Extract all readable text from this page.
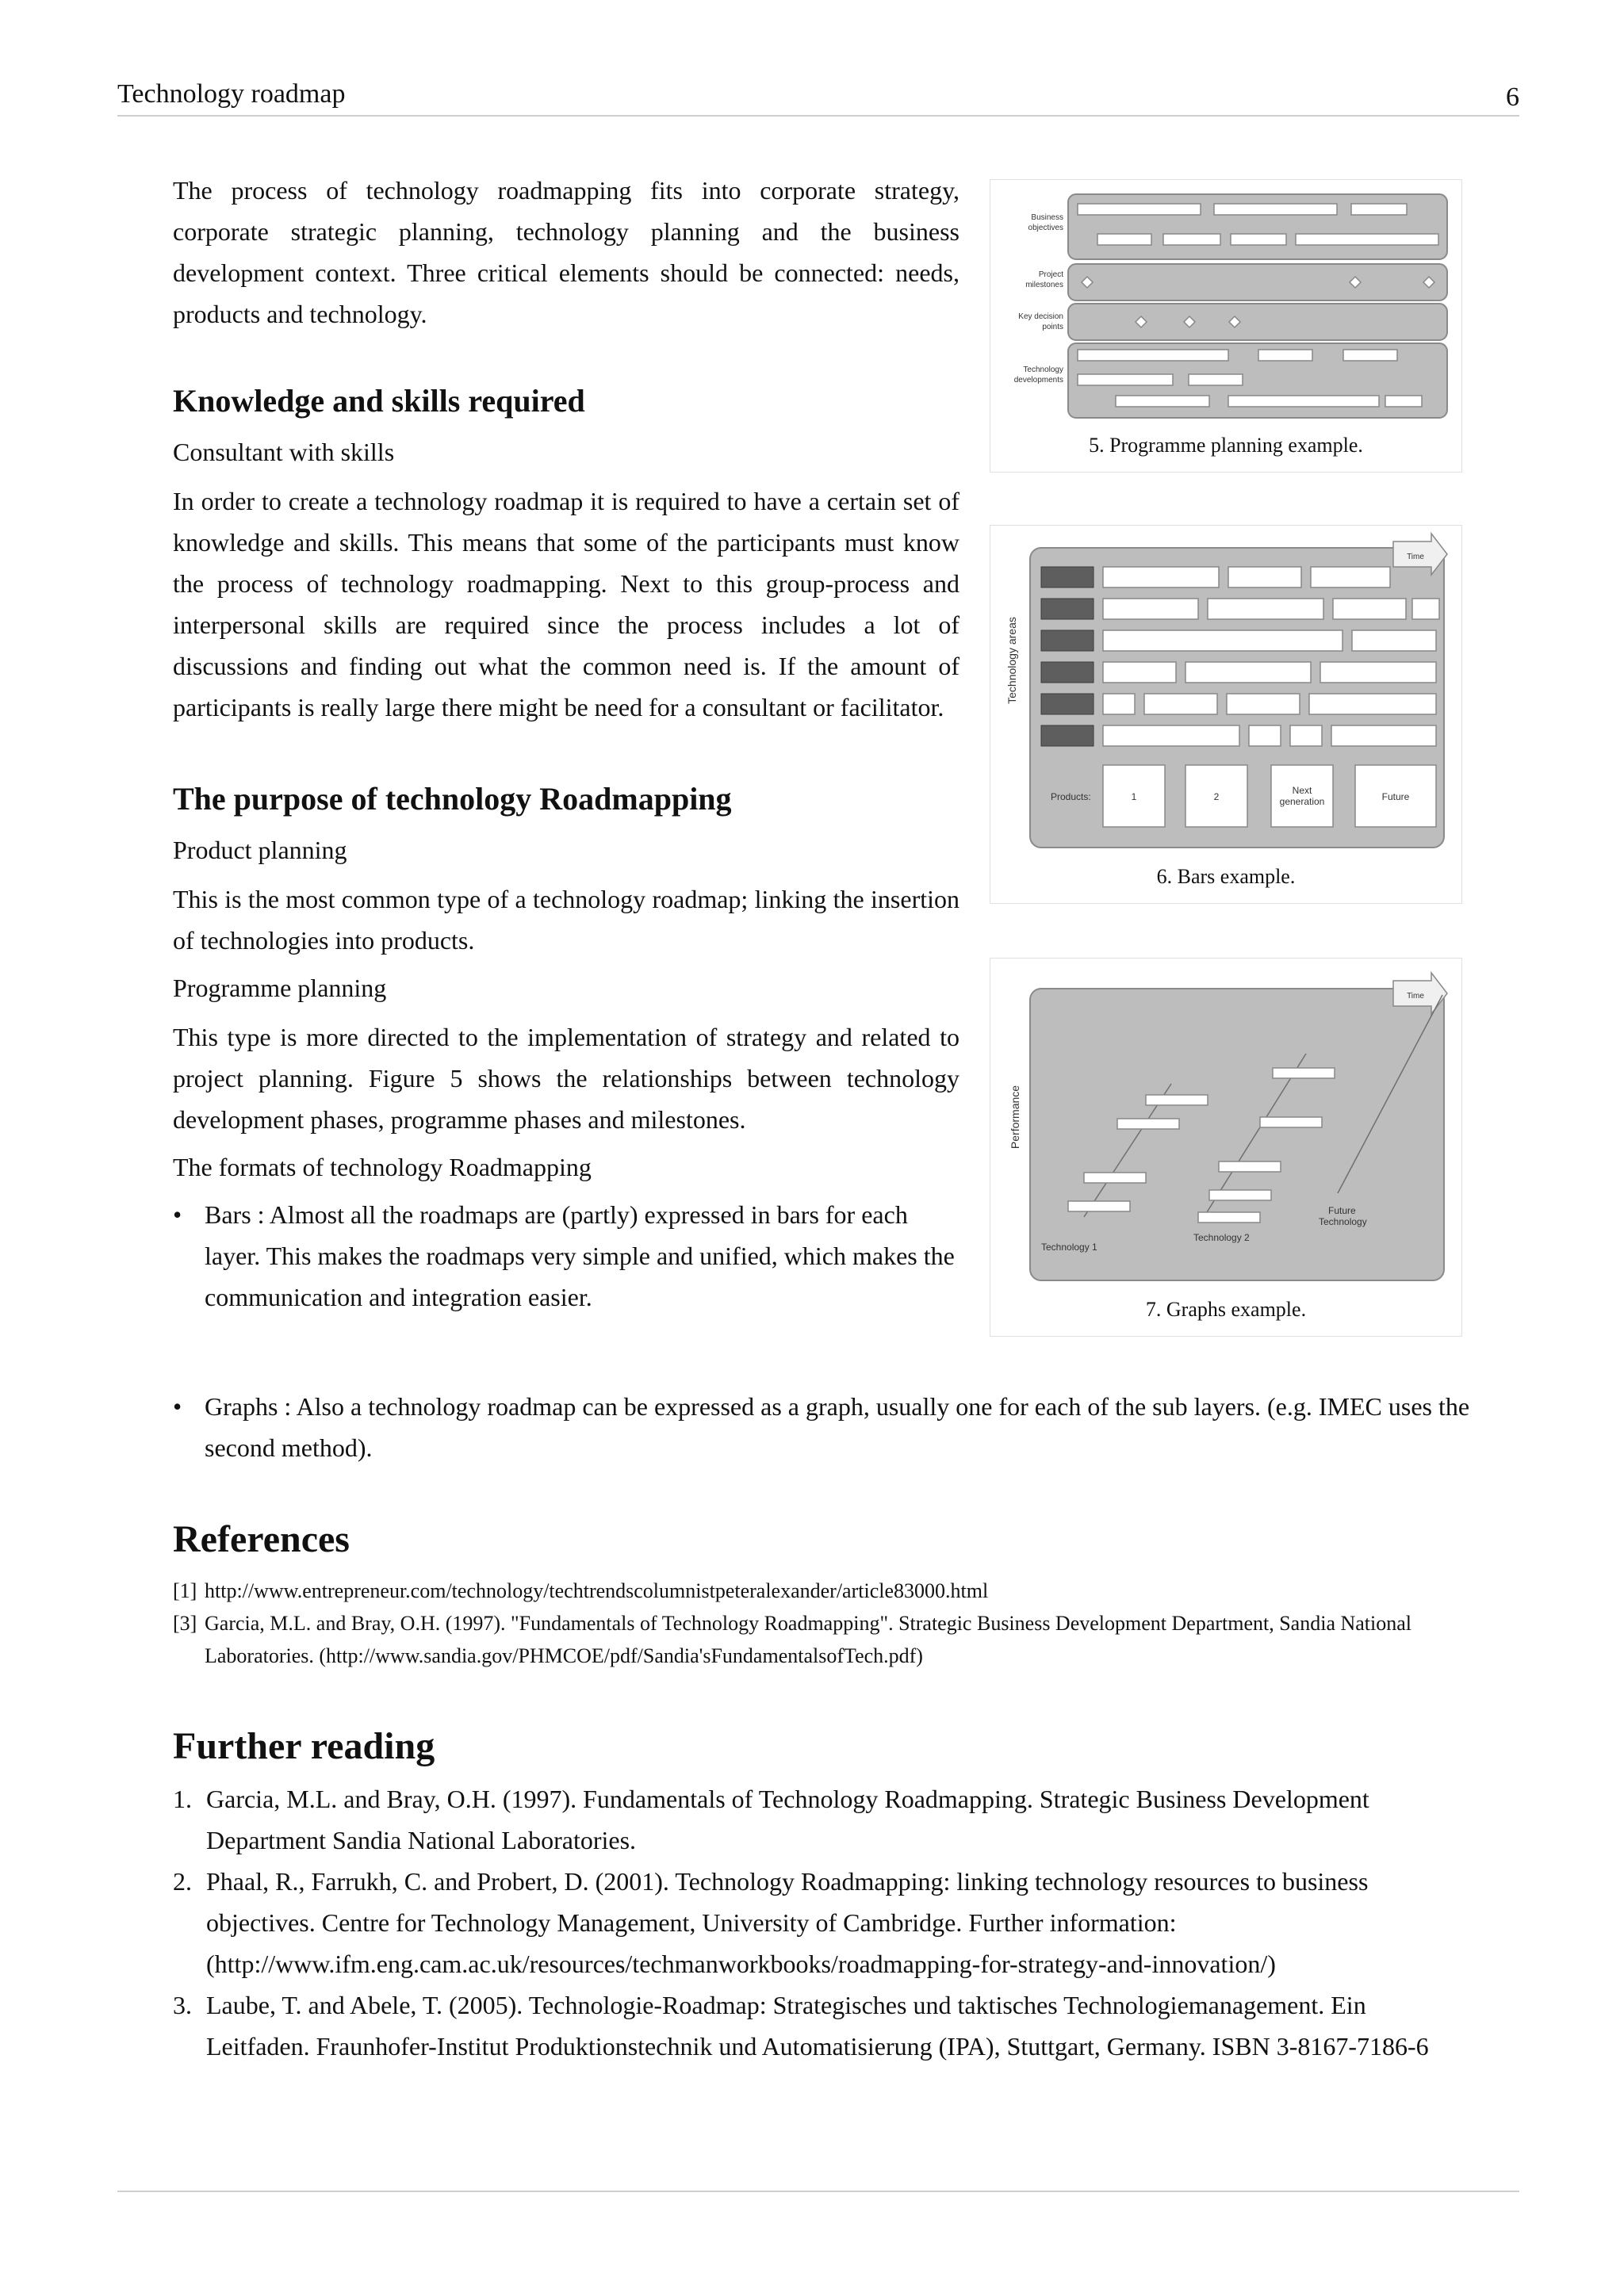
Technology roadmap	6

The process of technology roadmapping fits into corporate strategy, corporate strategic planning, technology planning and the business development context. Three critical elements should be connected: needs, products and technology.

Knowledge and skills required
Consultant with skills

In order to create a technology roadmap it is required to have a certain set of knowledge and skills. This means that some of the participants must know the process of technology roadmapping. Next to this group-process and interpersonal skills are required since the process includes a lot of discussions and finding out what the common need is. If the amount of participants is really large there might be need for a consultant or facilitator.

The purpose of technology Roadmapping
Product planning

This is the most common type of a technology roadmap; linking the insertion of technologies into products.

Programme planning

This type is more directed to the implementation of strategy and related to project planning. Figure 5 shows the relationships between technology development phases, programme phases and milestones.

The formats of technology Roadmapping
• Bars : Almost all the roadmaps are (partly) expressed in bars for each layer. This makes the roadmaps very simple and unified, which makes the communication and integration easier.
• Graphs : Also a technology roadmap can be expressed as a graph, usually one for each of the sub layers. (e.g. IMEC uses the second method).
References
[1] http://www.entrepreneur.com/technology/techtrendscolumnistpeteralexander/article83000.html
[3] Garcia, M.L. and Bray, O.H. (1997). "Fundamentals of Technology Roadmapping". Strategic Business Development Department, Sandia National Laboratories. (http://www.sandia.gov/PHMCOE/pdf/Sandia'sFundamentalsofTech.pdf)
Further reading
1. Garcia, M.L. and Bray, O.H. (1997). Fundamentals of Technology Roadmapping. Strategic Business Development Department Sandia National Laboratories.
2. Phaal, R., Farrukh, C. and Probert, D. (2001). Technology Roadmapping: linking technology resources to business objectives. Centre for Technology Management, University of Cambridge. Further information: (http://www.ifm.eng.cam.ac.uk/resources/techmanworkbooks/roadmapping-for-strategy-and-innovation/)
3. Laube, T. and Abele, T. (2005). Technologie-Roadmap: Strategisches und taktisches Technologiemanagement. Ein Leitfaden. Fraunhofer-Institut Produktionstechnik und Automatisierung (IPA), Stuttgart, Germany. ISBN 3-8167-7186-6
Business
objectives
Project
milestones
Key decision
points
Technology
developments
5. Programme planning example.
Time
Technology areas
Products:	1	2
Next
generation	Future
6. Bars example.
Time
Performance
Technology 1
Technology 2
Future
Technology
7. Graphs example.
